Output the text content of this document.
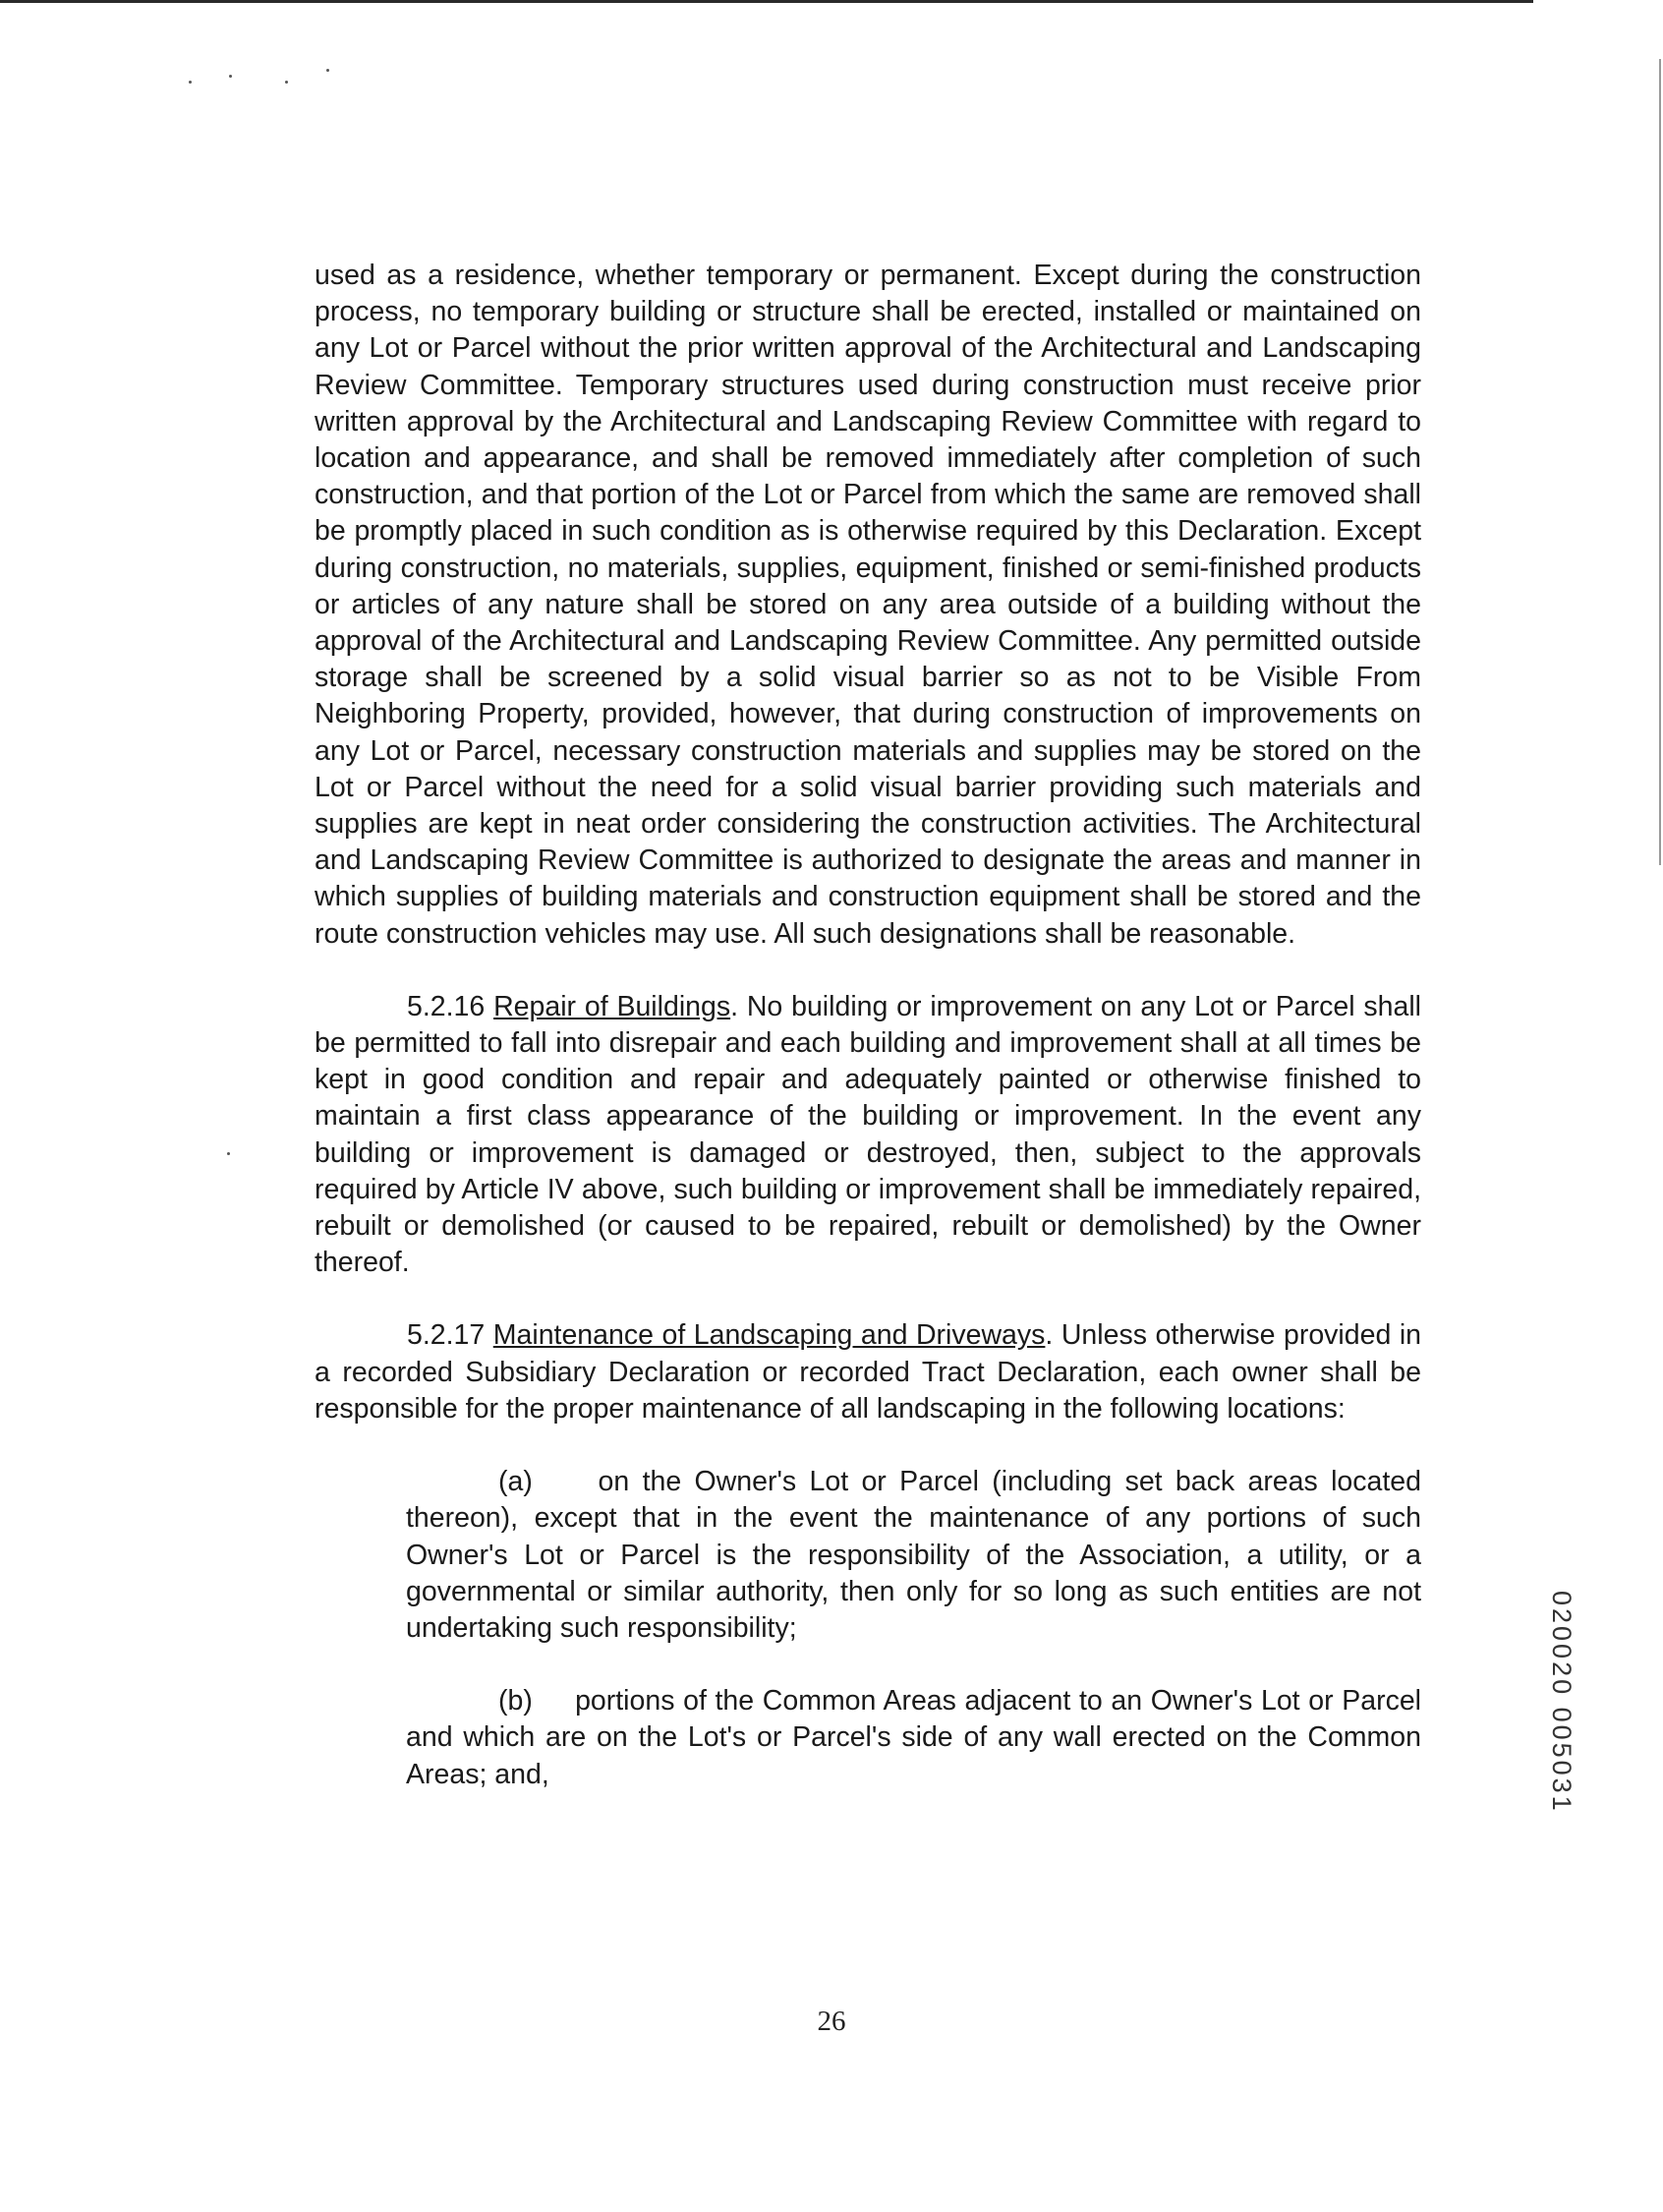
used as a residence, whether temporary or permanent. Except during the construction process, no temporary building or structure shall be erected, installed or maintained on any Lot or Parcel without the prior written approval of the Architectural and Landscaping Review Committee. Temporary structures used during construction must receive prior written approval by the Architectural and Landscaping Review Committee with regard to location and appearance, and shall be removed immediately after completion of such construction, and that portion of the Lot or Parcel from which the same are removed shall be promptly placed in such condition as is otherwise required by this Declaration. Except during construction, no materials, supplies, equipment, finished or semi-finished products or articles of any nature shall be stored on any area outside of a building without the approval of the Architectural and Landscaping Review Committee. Any permitted outside storage shall be screened by a solid visual barrier so as not to be Visible From Neighboring Property, provided, however, that during construction of improvements on any Lot or Parcel, necessary construction materials and supplies may be stored on the Lot or Parcel without the need for a solid visual barrier providing such materials and supplies are kept in neat order considering the construction activities. The Architectural and Landscaping Review Committee is authorized to designate the areas and manner in which supplies of building materials and construction equipment shall be stored and the route construction vehicles may use. All such designations shall be reasonable.

5.2.16 Repair of Buildings. No building or improvement on any Lot or Parcel shall be permitted to fall into disrepair and each building and improvement shall at all times be kept in good condition and repair and adequately painted or otherwise finished to maintain a first class appearance of the building or improvement. In the event any building or improvement is damaged or destroyed, then, subject to the approvals required by Article IV above, such building or improvement shall be immediately repaired, rebuilt or demolished (or caused to be repaired, rebuilt or demolished) by the Owner thereof.

5.2.17 Maintenance of Landscaping and Driveways. Unless otherwise provided in a recorded Subsidiary Declaration or recorded Tract Declaration, each owner shall be responsible for the proper maintenance of all landscaping in the following locations:

(a) on the Owner's Lot or Parcel (including set back areas located thereon), except that in the event the maintenance of any portions of such Owner's Lot or Parcel is the responsibility of the Association, a utility, or a governmental or similar authority, then only for so long as such entities are not undertaking such responsibility;

(b) portions of the Common Areas adjacent to an Owner's Lot or Parcel and which are on the Lot's or Parcel's side of any wall erected on the Common Areas; and,

26
020020 005031
